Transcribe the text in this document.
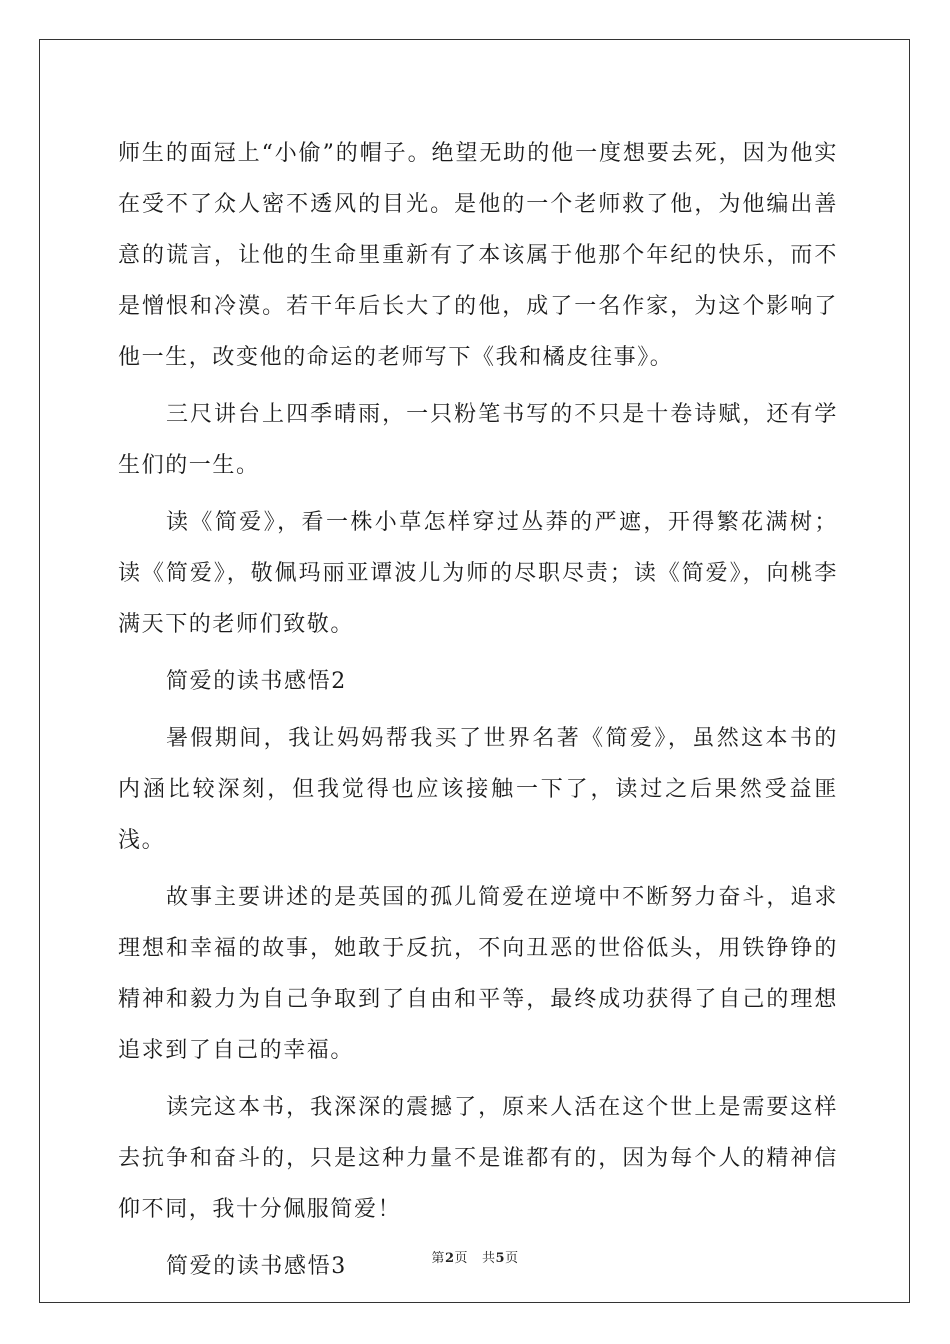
师生的面冠上“小偷”的帽子。绝望无助的他一度想要去死，因为他实在受不了众人密不透风的目光。是他的一个老师救了他，为他编出善意的谎言，让他的生命里重新有了本该属于他那个年纪的快乐，而不是憎恨和冷漠。若干年后长大了的他，成了一名作家，为这个影响了他一生，改变他的命运的老师写下《我和橘皮往事》。

三尺讲台上四季晴雨，一只粉笔书写的不只是十卷诗赋，还有学生们的一生。

读《简爱》，看一株小草怎样穿过丛莽的严遮，开得繁花满树；读《简爱》，敬佩玛丽亚谭波儿为师的尽职尽责；读《简爱》，向桃李满天下的老师们致敬。

简爱的读书感悟2

暑假期间，我让妈妈帮我买了世界名著《简爱》，虽然这本书的内涵比较深刻，但我觉得也应该接触一下了，读过之后果然受益匪浅。

故事主要讲述的是英国的孤儿简爱在逆境中不断努力奋斗，追求理想和幸福的故事，她敢于反抗，不向丑恶的世俗低头，用铁铮铮的精神和毅力为自己争取到了自由和平等，最终成功获得了自己的理想追求到了自己的幸福。

读完这本书，我深深的震撼了，原来人活在这个世上是需要这样去抗争和奋斗的，只是这种力量不是谁都有的，因为每个人的精神信仰不同，我十分佩服简爱！

简爱的读书感悟3	第2页 共5页
